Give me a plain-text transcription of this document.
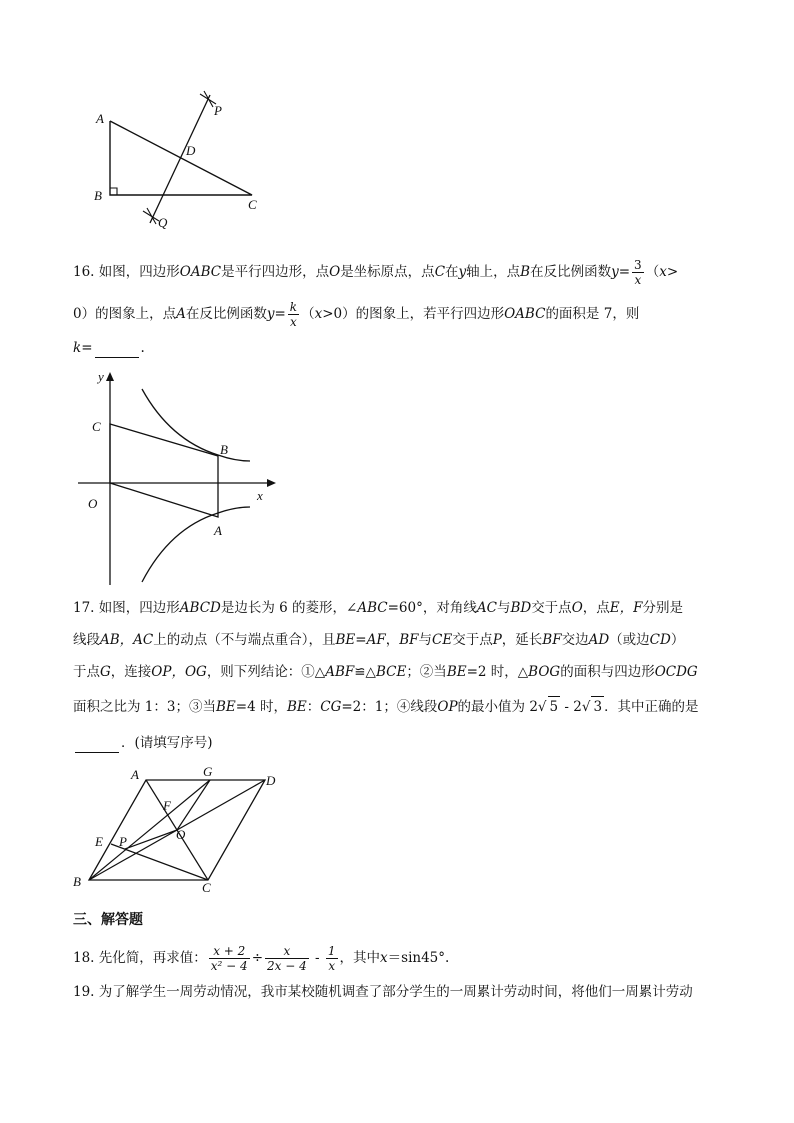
A
B
C
D
P
Q
16. 如图，四边形OABC是平行四边形，点O是坐标原点，点C在y轴上，点B在反比例函数$y= \frac{3}{x} (x>$
0）的图象上，点A在反比例函数$y= \frac{k}{x} (x>0)$的图象上，若平行四边形OABC的面积是 7，则
k=	.
y
x
O
C
B
A
17. 如图，四边形ABCD是边长为 6 的菱形，∠ABC=60°，对角线AC与BD交于点O，点E，F分别是
线段AB，AC上的动点（不与端点重合），且BE=AF，BF与CE交于点P，延长BF交边AD（或边CD）
于点G，连接OP，OG，则下列结论：①△ABF≌△BCE；②当BE=2 时，△BOG的面积与四边形OCDG
面积之比为 1：3；③当BE=4 时，BE：CG=2：1；④线段OP的最小值为 2√ 5 - 2√ 3 ．其中正确的是
．(请填写序号)
A	G
D
F
O
E P
B	C
三、解答题
18. 先化简，再求值： $\frac{x + 2}{\text{x² − 4}} \div \frac{x}{2x - 4} - \frac{1}{x}$ ，其中x＝sin45°.
19. 为了解学生一周劳动情况，我市某校随机调查了部分学生的一周累计劳动时间，将他们一周累计劳动
